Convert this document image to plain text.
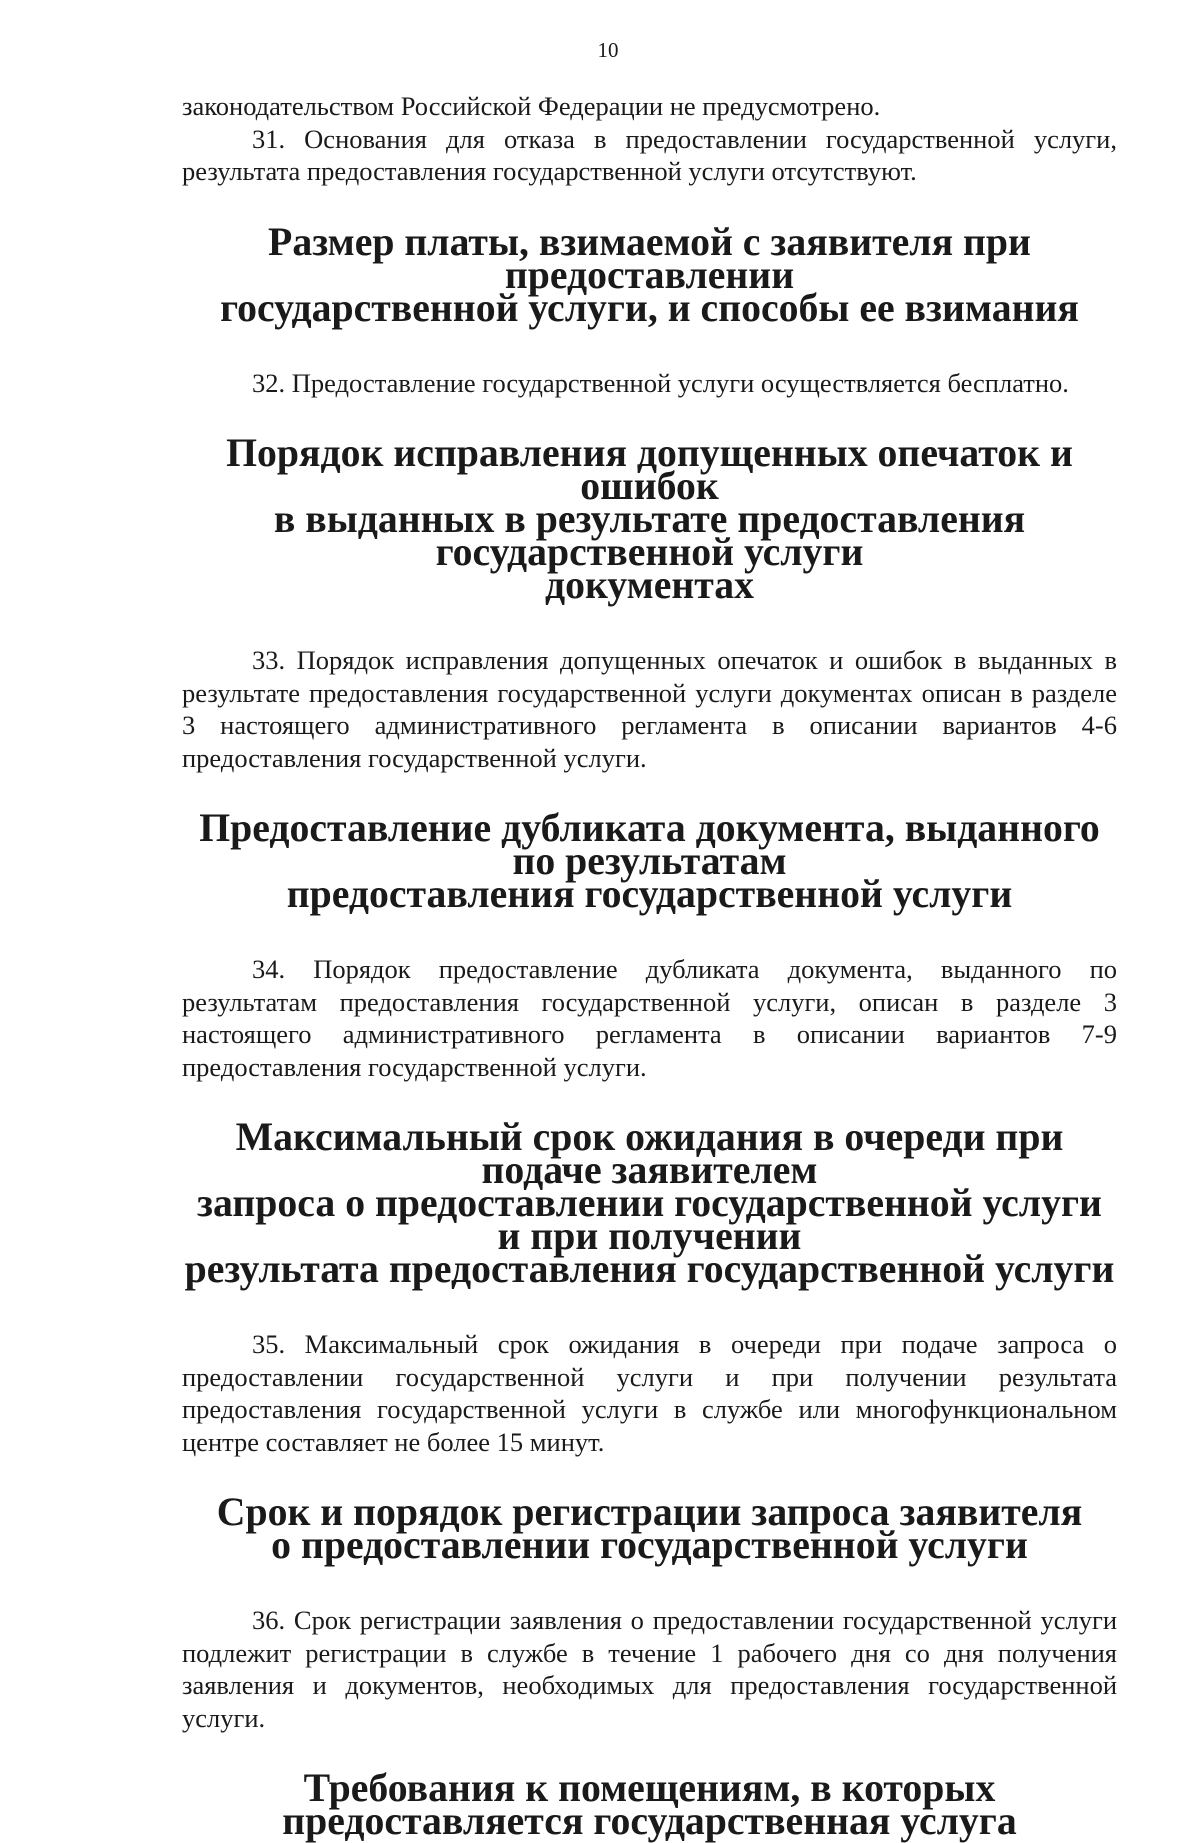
10

законодательством Российской Федерации не предусмотрено.

31. Основания для отказа в предоставлении государственной услуги, результата предоставления государственной услуги отсутствуют.

Размер платы, взимаемой с заявителя при предоставлении
государственной услуги, и способы ее взимания

32. Предоставление государственной услуги осуществляется бесплатно.

Порядок исправления допущенных опечаток и ошибок
в выданных в результате предоставления государственной услуги
документах

33. Порядок исправления допущенных опечаток и ошибок в выданных в результате предоставления государственной услуги документах описан в разделе 3 настоящего административного регламента в описании вариантов 4-6 предоставления государственной услуги.

Предоставление дубликата документа, выданного по результатам
предоставления государственной услуги

34. Порядок предоставление дубликата документа, выданного по результатам предоставления государственной услуги, описан в разделе 3 настоящего административного регламента в описании вариантов 7-9 предоставления государственной услуги.

Максимальный срок ожидания в очереди при подаче заявителем
запроса о предоставлении государственной услуги и при получении
результата предоставления государственной услуги

35. Максимальный срок ожидания в очереди при подаче запроса о предоставлении государственной услуги и при получении результата предоставления государственной услуги в службе или многофункциональном центре составляет не более 15 минут.

Срок и порядок регистрации запроса заявителя
о предоставлении государственной услуги

36. Срок регистрации заявления о предоставлении государственной услуги подлежит регистрации в службе в течение 1 рабочего дня со дня получения заявления и документов, необходимых для предоставления государственной услуги.

Требования к помещениям, в которых
предоставляется государственная услуга
